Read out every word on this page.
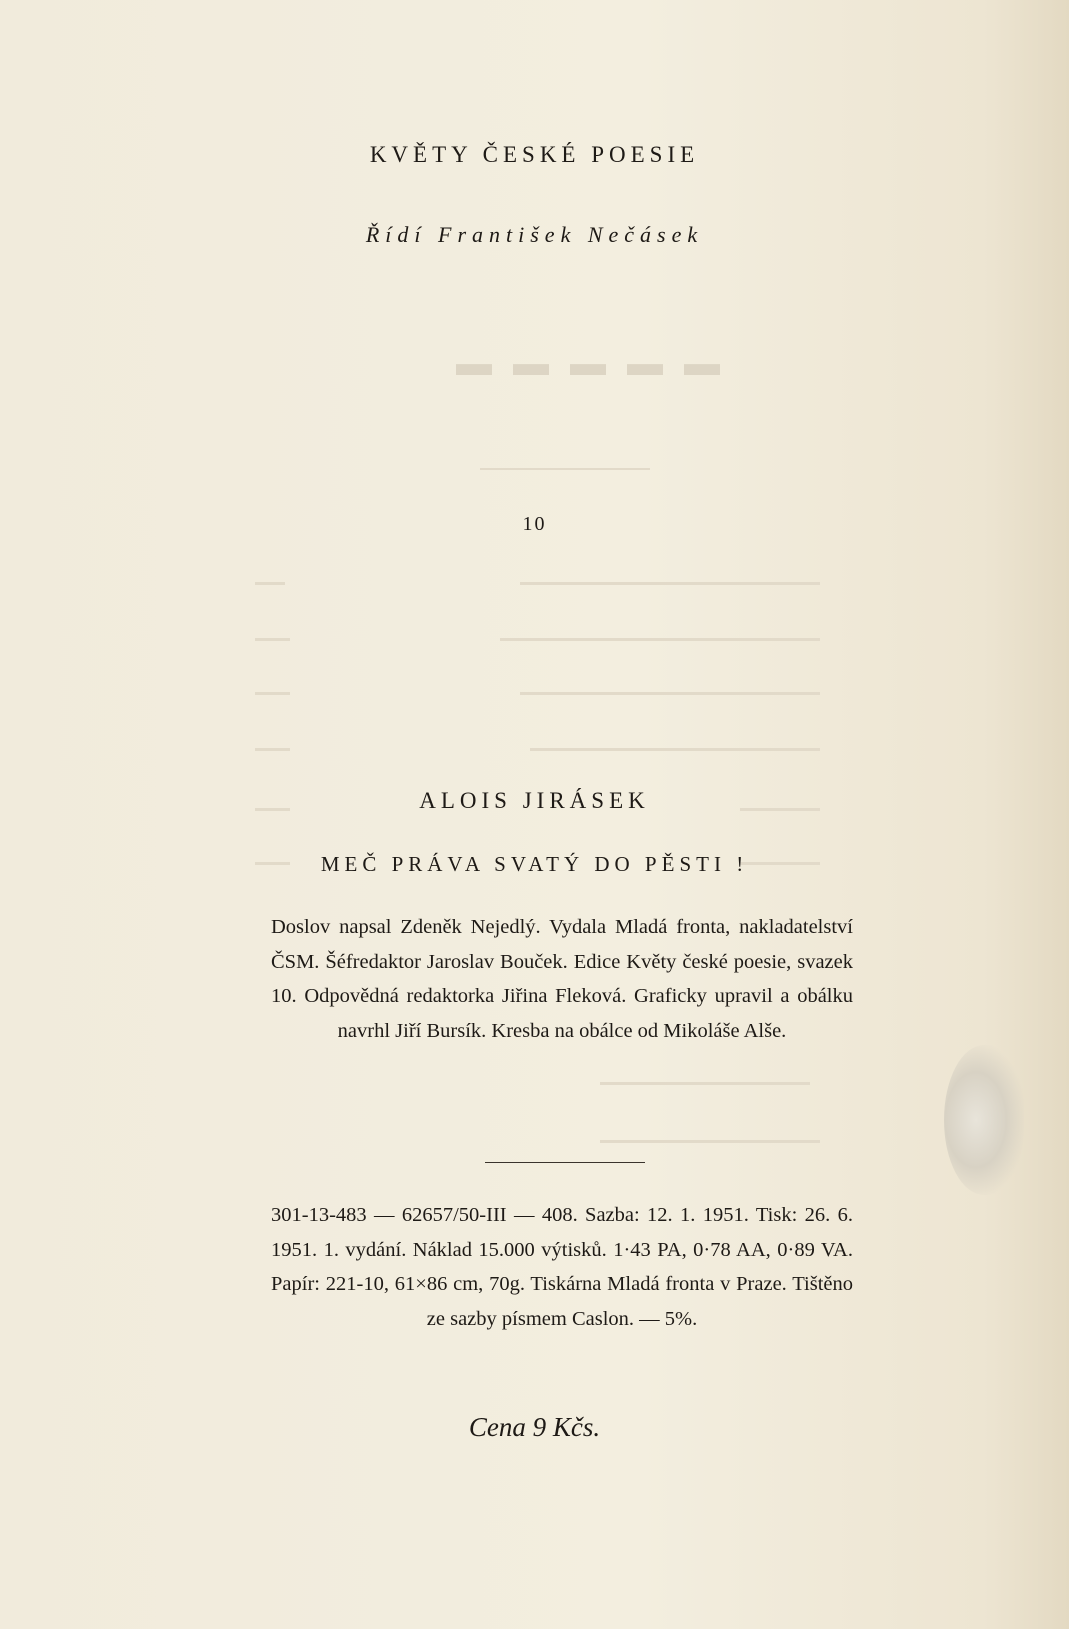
▬ ▬ ▬ ▬ ▬
KVĚTY ČESKÉ POESIE
Řídí František Nečásek
10
ALOIS JIRÁSEK
MEČ PRÁVA SVATÝ DO PĚSTI !

Doslov napsal Zdeněk Nejedlý. Vydala Mladá fronta, nakladatelství ČSM. Šéfredaktor Jaroslav Bouček. Edice Květy české poesie, svazek 10. Odpovědná redaktorka Jiřina Fleková. Graficky upravil a obálku navrhl Jiří Bursík. Kresba na obálce od Mikoláše Alše.

301-13-483 — 62657/50-III — 408. Sazba: 12. 1. 1951. Tisk: 26. 6. 1951. 1. vydání. Náklad 15.000 výtisků. 1·43 PA, 0·78 AA, 0·89 VA. Papír: 221-10, 61×86 cm, 70g. Tiskárna Mladá fronta v Praze. Tištěno ze sazby písmem Caslon. — 5%.

Cena 9 Kčs.
